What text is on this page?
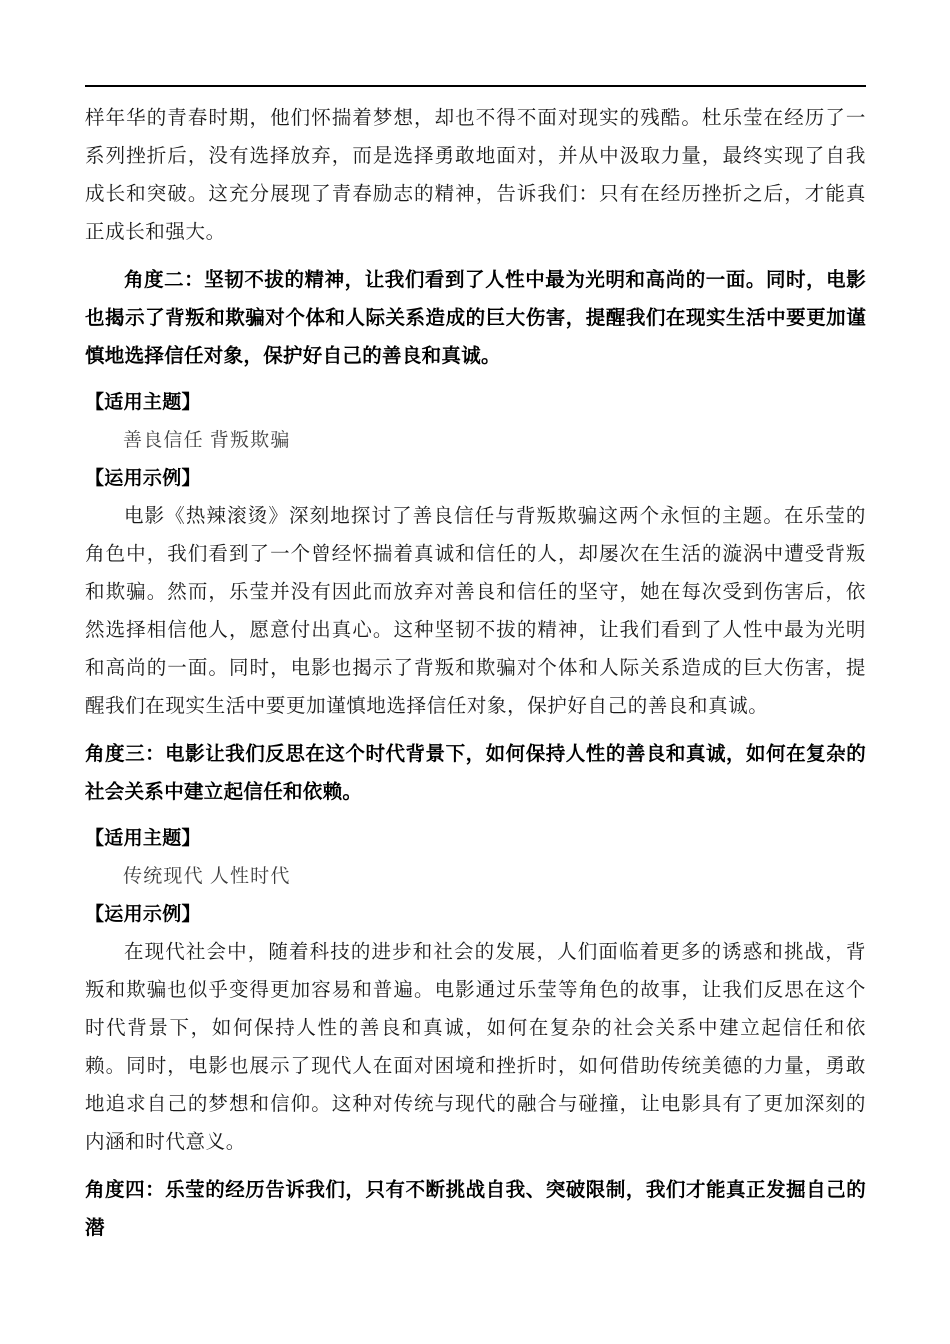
样年华的青春时期，他们怀揣着梦想，却也不得不面对现实的残酷。杜乐莹在经历了一系列挫折后，没有选择放弃，而是选择勇敢地面对，并从中汲取力量，最终实现了自我成长和突破。这充分展现了青春励志的精神，告诉我们：只有在经历挫折之后，才能真正成长和强大。

角度二：坚韧不拔的精神，让我们看到了人性中最为光明和高尚的一面。同时，电影也揭示了背叛和欺骗对个体和人际关系造成的巨大伤害，提醒我们在现实生活中要更加谨慎地选择信任对象，保护好自己的善良和真诚。

【适用主题】

善良信任 背叛欺骗

【运用示例】

电影《热辣滚烫》深刻地探讨了善良信任与背叛欺骗这两个永恒的主题。在乐莹的角色中，我们看到了一个曾经怀揣着真诚和信任的人，却屡次在生活的漩涡中遭受背叛和欺骗。然而，乐莹并没有因此而放弃对善良和信任的坚守，她在每次受到伤害后，依然选择相信他人，愿意付出真心。这种坚韧不拔的精神，让我们看到了人性中最为光明和高尚的一面。同时，电影也揭示了背叛和欺骗对个体和人际关系造成的巨大伤害，提醒我们在现实生活中要更加谨慎地选择信任对象，保护好自己的善良和真诚。

角度三：电影让我们反思在这个时代背景下，如何保持人性的善良和真诚，如何在复杂的社会关系中建立起信任和依赖。

【适用主题】

传统现代 人性时代

【运用示例】

在现代社会中，随着科技的进步和社会的发展，人们面临着更多的诱惑和挑战，背叛和欺骗也似乎变得更加容易和普遍。电影通过乐莹等角色的故事，让我们反思在这个时代背景下，如何保持人性的善良和真诚，如何在复杂的社会关系中建立起信任和依赖。同时，电影也展示了现代人在面对困境和挫折时，如何借助传统美德的力量，勇敢地追求自己的梦想和信仰。这种对传统与现代的融合与碰撞，让电影具有了更加深刻的内涵和时代意义。

角度四：乐莹的经历告诉我们，只有不断挑战自我、突破限制，我们才能真正发掘自己的潜
